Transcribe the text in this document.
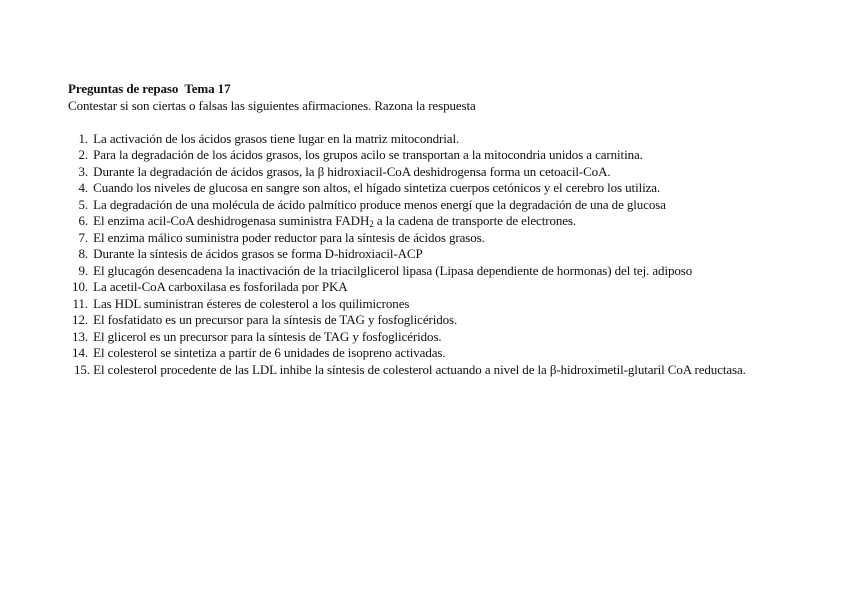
Preguntas de repaso  Tema 17

Contestar si son ciertas o falsas las siguientes afirmaciones. Razona la respuesta

1. La activación de los ácidos grasos tiene lugar en la matriz mitocondrial.
2. Para la degradación de los ácidos grasos, los grupos acilo se transportan a la mitocondria unidos a carnitina.
3. Durante la degradación de ácidos grasos, la β hidroxiacil-CoA deshidrogensa forma un cetoacil-CoA.
4. Cuando los niveles de glucosa en sangre son altos, el hígado sintetiza cuerpos cetónicos y el cerebro los utiliza.
5. La degradación de una molécula de ácido palmítico produce menos energí que la degradación de una de glucosa
6. El enzima acil-CoA deshidrogenasa suministra $FADH_2$ a la cadena de transporte de electrones.
7. El enzima málico suministra poder reductor para la síntesis de ácidos grasos.
8. Durante la síntesis de ácidos grasos se forma D-hidroxiacil-ACP
9. El glucagón desencadena la inactivación de la triacilglicerol lipasa (Lipasa dependiente de hormonas) del tej. adiposo
10. La acetil-CoA carboxilasa es fosforilada por PKA
11. Las HDL suministran ésteres de colesterol a los quilimicrones
12. El fosfatidato es un precursor para la síntesis de TAG y fosfoglicéridos.
13. El glicerol es un precursor para la síntesis de TAG y fosfoglicéridos.
14. El colesterol se sintetiza a partir de 6 unidades de isopreno activadas.
15. El colesterol procedente de las LDL inhibe la síntesis de colesterol actuando a nivel de la β-hidroximetil-glutaril CoA reductasa.
